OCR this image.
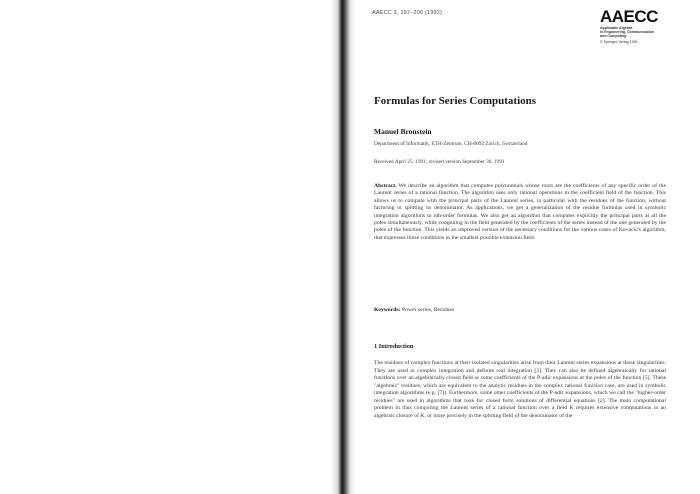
AAECC 3, 197–206 (1992)	AAECC
Applicable Algebra
in Engineering, Communication
and Computing
© Springer-Verlag 1992
Formulas for Series Computations
Manuel Bronstein
Department of Informatik, ETH-Zentrum, CH-8092 Zürich, Switzerland
Received April 25, 1991; revised version September 30, 1991
Abstract. We describe an algorithm that computes polynomials whose roots are the coefficients of any specific order of the Laurent series of a rational function. The algorithm uses only rational operations in the coefficient field of the function. This allows us to compute with the principal parts of the Laurent series, in particular with the residues of the function, without factoring or splitting its denominator. As applications, we get a generalization of the residue formulas used in symbolic integration algorithms to nth-order formulas. We also get an algorithm that computes explicitly the principal parts at all the poles simultaneously, while computing in the field generated by the coefficients of the series instead of the one generated by the poles of the function. This yields an improved version of the necessary conditions for the various cases of Kovacic's algorithm, that expresses those conditions in the smallest possible extension field.
Keywords: Power series, Residues
1 Introduction
The residues of complex functions at their isolated singularities arise from their Laurent series expansions at those singularities. They are used in complex integration and definite real integration [3]. They can also be defined algebraically for rational functions over an algebraically closed field as some coefficients of the P-adic expansions at the poles of the function [5]. These "algebraic" residues, which are equivalent to the analytic residues in the complex rational function case, are used in symbolic integration algorithms (e.g. [7]). Furthermore, some other coefficients of the P-adic expansions, which we call the "higher-order residues" are used in algorithms that look for closed form solutions of differential equations [2]. The main computational problem in thus computing the Laurent series of a rational function over a field K requires extensive computations in an algebraic closure of K, or more precisely in the splitting field of the denominator of the
